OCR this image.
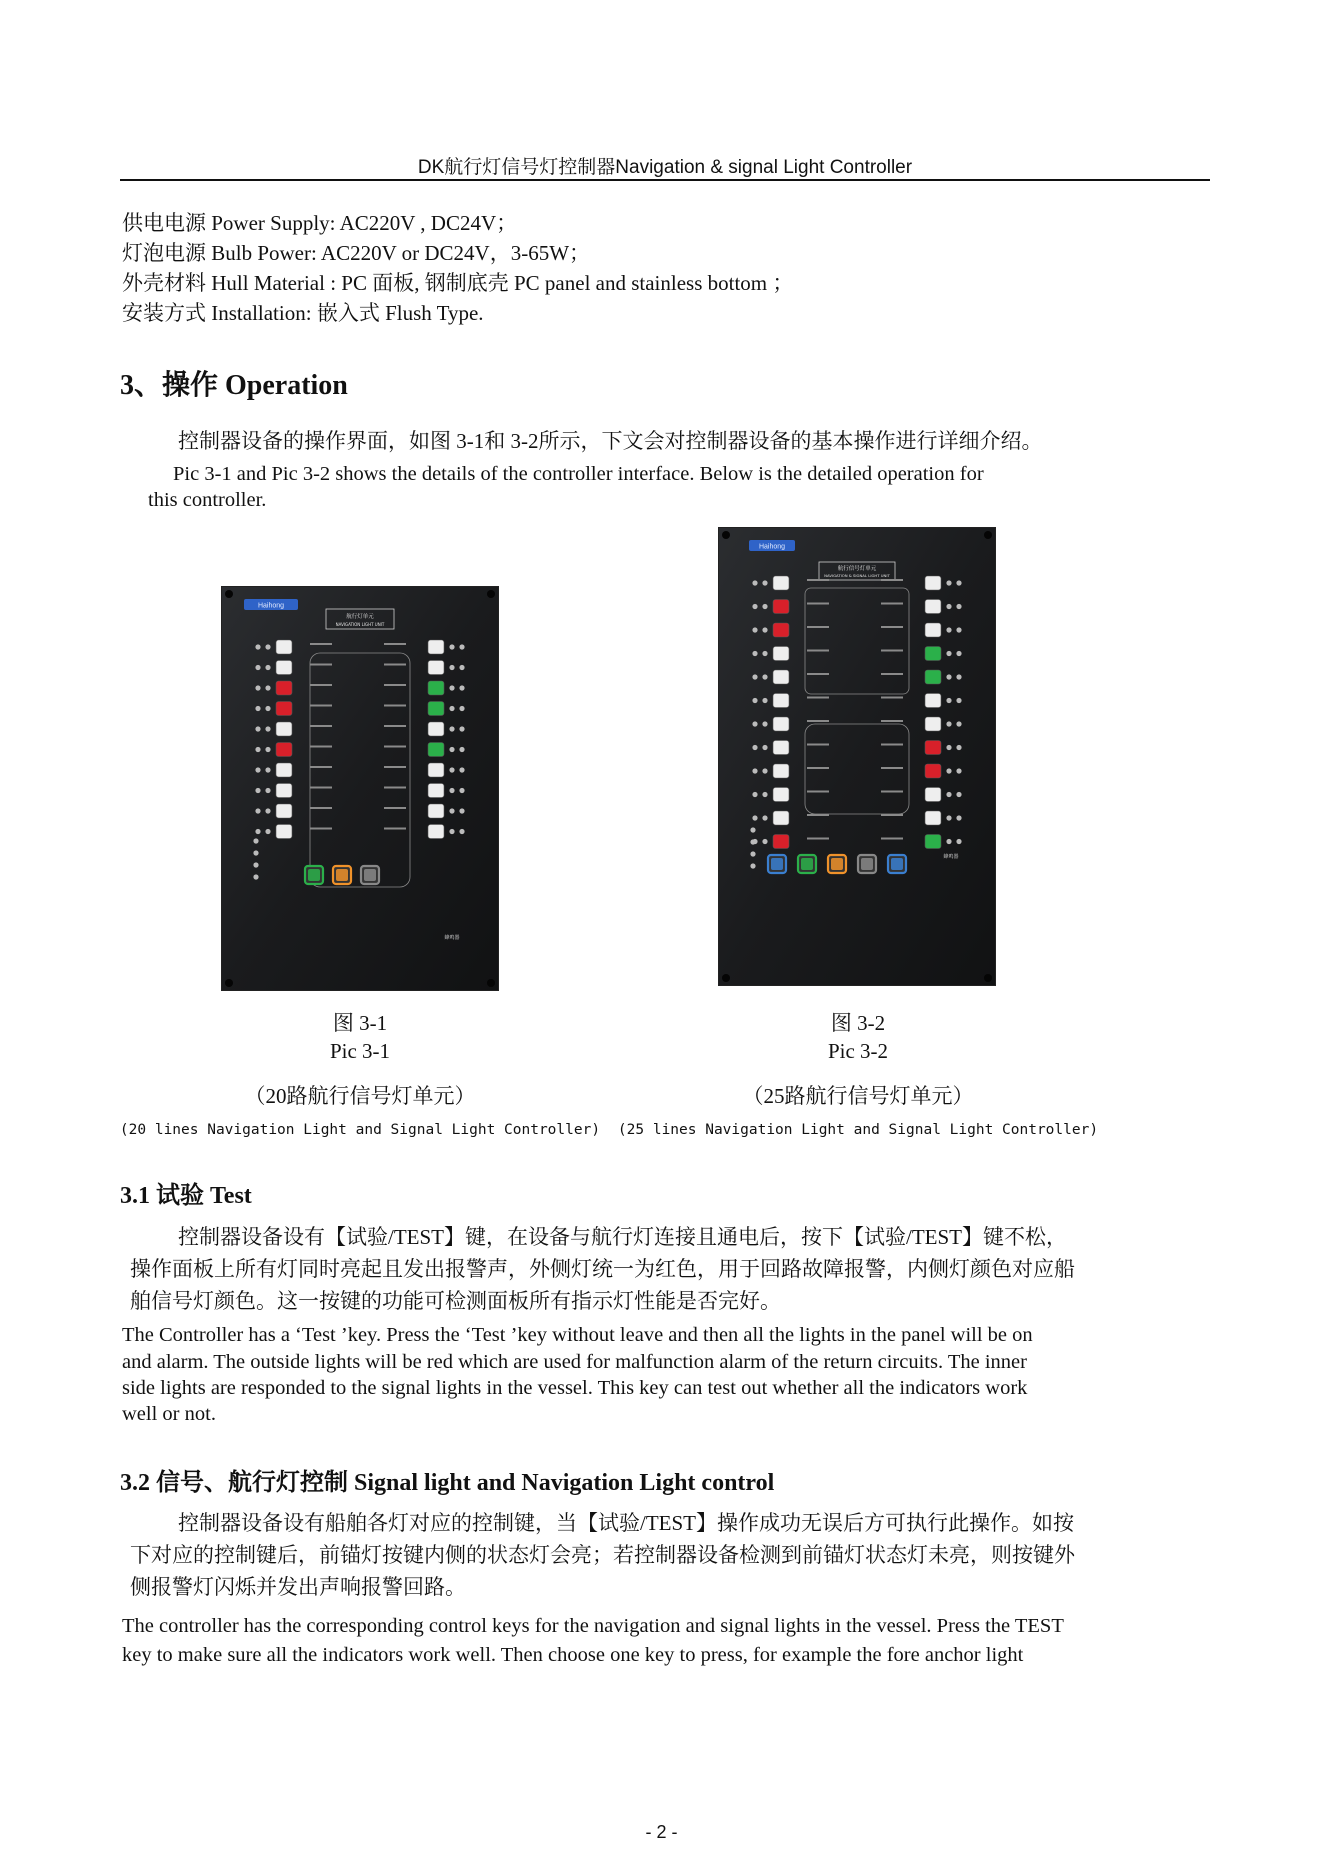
DK航行灯信号灯控制器Navigation & signal Light Controller
供电电源 Power Supply: AC220V , DC24V；
灯泡电源 Bulb Power: AC220V or DC24V，3-65W；
外壳材料 Hull Material : PC 面板, 钢制底壳 PC panel and stainless bottom ；
安装方式 Installation: 嵌入式 Flush Type.
3、操作 Operation
控制器设备的操作界面，如图 3-1和 3-2所示，下文会对控制器设备的基本操作进行详细介绍。
Pic 3-1 and Pic 3-2 shows the details of the controller interface. Below is the detailed operation for
this controller.
Haihong
航行灯单元
NAVIGATION LIGHT UNIT
蜂鸣器
Haihong
航行信号灯单元
NAVIGATION & SIGNAL LIGHT UNIT
蜂鸣器
图 3-1
Pic 3-1
（20路航行信号灯单元）
(20 lines Navigation Light and Signal Light Controller)
图 3-2
Pic 3-2
（25路航行信号灯单元）
(25 lines Navigation Light and Signal Light Controller)
3.1 试验 Test
控制器设备设有【试验/TEST】键，在设备与航行灯连接且通电后，按下【试验/TEST】键不松，
操作面板上所有灯同时亮起且发出报警声，外侧灯统一为红色，用于回路故障报警，内侧灯颜色对应船
舶信号灯颜色。这一按键的功能可检测面板所有指示灯性能是否完好。
The Controller has a ‘Test ’key. Press the ‘Test ’key without leave and then all the lights in the panel will be on
and alarm. The outside lights will be red which are used for malfunction alarm of the return circuits. The inner
side lights are responded to the signal lights in the vessel. This key can test out whether all the indicators work
well or not.
3.2 信号、航行灯控制 Signal light and Navigation Light control
控制器设备设有船舶各灯对应的控制键，当【试验/TEST】操作成功无误后方可执行此操作。如按
下对应的控制键后，前锚灯按键内侧的状态灯会亮；若控制器设备检测到前锚灯状态灯未亮，则按键外
侧报警灯闪烁并发出声响报警回路。
The controller has the corresponding control keys for the navigation and signal lights in the vessel. Press the TEST
key to make sure all the indicators work well. Then choose one key to press, for example the fore anchor light
- 2 -
